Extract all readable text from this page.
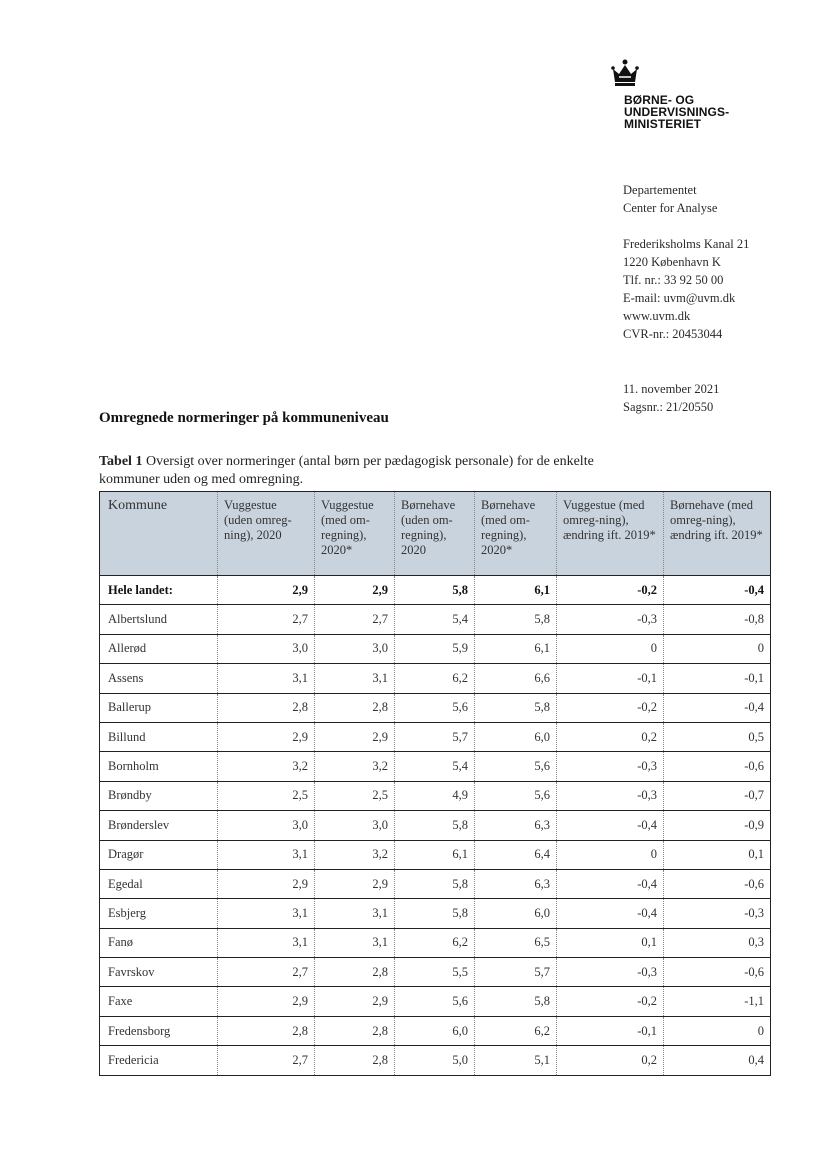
BØRNE- OG
UNDERVISNINGS-
MINISTERIET
Departementet
Center for Analyse
Frederiksholms Kanal 21
1220 København K
Tlf. nr.: 33 92 50 00
E-mail: uvm@uvm.dk
www.uvm.dk
CVR-nr.: 20453044
11. november 2021
Sagsnr.: 21/20550
Omregnede normeringer på kommuneniveau
Tabel 1 Oversigt over normeringer (antal børn per pædagogisk personale) for de enkelte kommuner uden og med omregning.
Kommune	Vuggestue (uden omreg-ning), 2020	Vuggestue (med om-regning), 2020*	Børnehave (uden om-regning), 2020	Børnehave (med om-regning), 2020*	Vuggestue (med omreg-ning), ændring ift. 2019*	Børnehave (med omreg-ning), ændring ift. 2019*
Hele landet:	2,9	2,9	5,8	6,1	-0,2	-0,4
Albertslund	2,7	2,7	5,4	5,8	-0,3	-0,8
Allerød	3,0	3,0	5,9	6,1	0	0
Assens	3,1	3,1	6,2	6,6	-0,1	-0,1
Ballerup	2,8	2,8	5,6	5,8	-0,2	-0,4
Billund	2,9	2,9	5,7	6,0	0,2	0,5
Bornholm	3,2	3,2	5,4	5,6	-0,3	-0,6
Brøndby	2,5	2,5	4,9	5,6	-0,3	-0,7
Brønderslev	3,0	3,0	5,8	6,3	-0,4	-0,9
Dragør	3,1	3,2	6,1	6,4	0	0,1
Egedal	2,9	2,9	5,8	6,3	-0,4	-0,6
Esbjerg	3,1	3,1	5,8	6,0	-0,4	-0,3
Fanø	3,1	3,1	6,2	6,5	0,1	0,3
Favrskov	2,7	2,8	5,5	5,7	-0,3	-0,6
Faxe	2,9	2,9	5,6	5,8	-0,2	-1,1
Fredensborg	2,8	2,8	6,0	6,2	-0,1	0
Fredericia	2,7	2,8	5,0	5,1	0,2	0,4
